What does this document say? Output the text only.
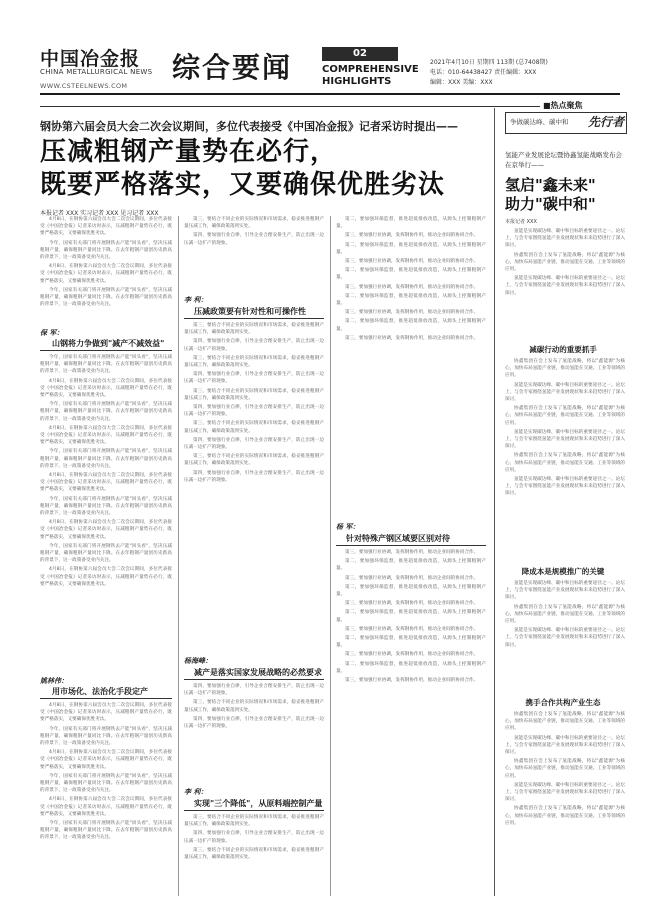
中国冶金报
CHINA METALLURGICAL NEWS
WWW.CSTEELNEWS.COM
综合要闻	02
COMPREHENSIVE
HIGHLIGHTS
2021年4月10日 星期四 113期 (总7408期)
电话：010-64438427 责任编辑：XXX
编辑：XXX 美编：XXX
■热点聚焦
钢协第六届会员大会二次会议期间，多位代表接受《中国冶金报》记者采访时提出——
压减粗钢产量势在必行，
既要严格落实，又要确保优胜劣汰
本报记者 XXX 实习记者 XXX 见习记者 XXX

4月8日，在钢协第六届会员大会二次会议期间，多位代表接受《中国冶金报》记者采访时表示，压减粗钢产量势在必行，既要严格落实，又要确保优胜劣汰。

今年，国家有关部门将开展钢铁去产能"回头看"，坚决压减粗钢产量，确保粗钢产量同比下降。在去年粗钢产量创历史新高的背景下，这一政策备受业内关注。

4月8日，在钢协第六届会员大会二次会议期间，多位代表接受《中国冶金报》记者采访时表示，压减粗钢产量势在必行，既要严格落实，又要确保优胜劣汰。

今年，国家有关部门将开展钢铁去产能"回头看"，坚决压减粗钢产量，确保粗钢产量同比下降。在去年粗钢产量创历史新高的背景下，这一政策备受业内关注。

保 军：
山钢将力争做到"减产不减效益"

今年，国家有关部门将开展钢铁去产能"回头看"，坚决压减粗钢产量，确保粗钢产量同比下降。在去年粗钢产量创历史新高的背景下，这一政策备受业内关注。

4月8日，在钢协第六届会员大会二次会议期间，多位代表接受《中国冶金报》记者采访时表示，压减粗钢产量势在必行，既要严格落实，又要确保优胜劣汰。

今年，国家有关部门将开展钢铁去产能"回头看"，坚决压减粗钢产量，确保粗钢产量同比下降。在去年粗钢产量创历史新高的背景下，这一政策备受业内关注。

4月8日，在钢协第六届会员大会二次会议期间，多位代表接受《中国冶金报》记者采访时表示，压减粗钢产量势在必行，既要严格落实，又要确保优胜劣汰。

今年，国家有关部门将开展钢铁去产能"回头看"，坚决压减粗钢产量，确保粗钢产量同比下降。在去年粗钢产量创历史新高的背景下，这一政策备受业内关注。

4月8日，在钢协第六届会员大会二次会议期间，多位代表接受《中国冶金报》记者采访时表示，压减粗钢产量势在必行，既要严格落实，又要确保优胜劣汰。

今年，国家有关部门将开展钢铁去产能"回头看"，坚决压减粗钢产量，确保粗钢产量同比下降。在去年粗钢产量创历史新高的背景下，这一政策备受业内关注。

4月8日，在钢协第六届会员大会二次会议期间，多位代表接受《中国冶金报》记者采访时表示，压减粗钢产量势在必行，既要严格落实，又要确保优胜劣汰。

今年，国家有关部门将开展钢铁去产能"回头看"，坚决压减粗钢产量，确保粗钢产量同比下降。在去年粗钢产量创历史新高的背景下，这一政策备受业内关注。

4月8日，在钢协第六届会员大会二次会议期间，多位代表接受《中国冶金报》记者采访时表示，压减粗钢产量势在必行，既要严格落实，又要确保优胜劣汰。

姚林伟：
用市场化、法治化手段定产

4月8日，在钢协第六届会员大会二次会议期间，多位代表接受《中国冶金报》记者采访时表示，压减粗钢产量势在必行，既要严格落实，又要确保优胜劣汰。

今年，国家有关部门将开展钢铁去产能"回头看"，坚决压减粗钢产量，确保粗钢产量同比下降。在去年粗钢产量创历史新高的背景下，这一政策备受业内关注。

4月8日，在钢协第六届会员大会二次会议期间，多位代表接受《中国冶金报》记者采访时表示，压减粗钢产量势在必行，既要严格落实，又要确保优胜劣汰。

今年，国家有关部门将开展钢铁去产能"回头看"，坚决压减粗钢产量，确保粗钢产量同比下降。在去年粗钢产量创历史新高的背景下，这一政策备受业内关注。

4月8日，在钢协第六届会员大会二次会议期间，多位代表接受《中国冶金报》记者采访时表示，压减粗钢产量势在必行，既要严格落实，又要确保优胜劣汰。

今年，国家有关部门将开展钢铁去产能"回头看"，坚决压减粗钢产量，确保粗钢产量同比下降。在去年粗钢产量创历史新高的背景下，这一政策备受业内关注。

第三，要结合不同企业的实际情况和市场需求，稳妥推进粗钢产量压减工作，确保政策落到实处。

第四，要加强行业自律，引导企业合理安排生产，防止出现一边压减一边扩产的现象。

李 利：
压减政策要有针对性和可操作性

第三，要结合不同企业的实际情况和市场需求，稳妥推进粗钢产量压减工作，确保政策落到实处。

第四，要加强行业自律，引导企业合理安排生产，防止出现一边压减一边扩产的现象。

第三，要结合不同企业的实际情况和市场需求，稳妥推进粗钢产量压减工作，确保政策落到实处。

第四，要加强行业自律，引导企业合理安排生产，防止出现一边压减一边扩产的现象。

第三，要结合不同企业的实际情况和市场需求，稳妥推进粗钢产量压减工作，确保政策落到实处。

第四，要加强行业自律，引导企业合理安排生产，防止出现一边压减一边扩产的现象。

第三，要结合不同企业的实际情况和市场需求，稳妥推进粗钢产量压减工作，确保政策落到实处。

第四，要加强行业自律，引导企业合理安排生产，防止出现一边压减一边扩产的现象。

第三，要结合不同企业的实际情况和市场需求，稳妥推进粗钢产量压减工作，确保政策落到实处。

第四，要加强行业自律，引导企业合理安排生产，防止出现一边压减一边扩产的现象。

杨海峰：
减产是落实国家发展战略的必然要求

第四，要加强行业自律，引导企业合理安排生产，防止出现一边压减一边扩产的现象。

第三，要结合不同企业的实际情况和市场需求，稳妥推进粗钢产量压减工作，确保政策落到实处。

第四，要加强行业自律，引导企业合理安排生产，防止出现一边压减一边扩产的现象。

李 利：
实现"三个降低"，从原料端控制产量

第三，要结合不同企业的实际情况和市场需求，稳妥推进粗钢产量压减工作，确保政策落到实处。

第四，要加强行业自律，引导企业合理安排生产，防止出现一边压减一边扩产的现象。

第三，要结合不同企业的实际情况和市场需求，稳妥推进粗钢产量压减工作，确保政策落到实处。

第二，要加强环保监督，推进超低排放改造，从源头上控制粗钢产量。

第三，要加强行业协调，发挥钢协作用，推动企业间的协同合作。

第二，要加强环保监督，推进超低排放改造，从源头上控制粗钢产量。

第三，要加强行业协调，发挥钢协作用，推动企业间的协同合作。

第二，要加强环保监督，推进超低排放改造，从源头上控制粗钢产量。

第三，要加强行业协调，发挥钢协作用，推动企业间的协同合作。

第二，要加强环保监督，推进超低排放改造，从源头上控制粗钢产量。

第三，要加强行业协调，发挥钢协作用，推动企业间的协同合作。

第二，要加强环保监督，推进超低排放改造，从源头上控制粗钢产量。

第三，要加强行业协调，发挥钢协作用，推动企业间的协同合作。

杨 军：
针对特殊产钢区域要区别对待

第三，要加强行业协调，发挥钢协作用，推动企业间的协同合作。

第二，要加强环保监督，推进超低排放改造，从源头上控制粗钢产量。

第三，要加强行业协调，发挥钢协作用，推动企业间的协同合作。

第二，要加强环保监督，推进超低排放改造，从源头上控制粗钢产量。

第三，要加强行业协调，发挥钢协作用，推动企业间的协同合作。

第二，要加强环保监督，推进超低排放改造，从源头上控制粗钢产量。

第三，要加强行业协调，发挥钢协作用，推动企业间的协同合作。

第二，要加强环保监督，推进超低排放改造，从源头上控制粗钢产量。

第三，要加强行业协调，发挥钢协作用，推动企业间的协同合作。

第二，要加强环保监督，推进超低排放改造，从源头上控制粗钢产量。

第三，要加强行业协调，发挥钢协作用，推动企业间的协同合作。

争做碳达峰、碳中和 先行者
氢能产业发展论坛暨协鑫氢能战略发布会在京举行——
氢启"鑫未来"
助力"碳中和"
本报记者 XXX

氢能是实现碳达峰、碳中和目标的重要途径之一。论坛上，与会专家围绕氢能产业发展现状和未来趋势进行了深入探讨。

协鑫集团在会上发布了氢能战略，将以"鑫能源"为核心，加快布局氢能产业链，推动氢能在交通、工业等领域的应用。

氢能是实现碳达峰、碳中和目标的重要途径之一。论坛上，与会专家围绕氢能产业发展现状和未来趋势进行了深入探讨。

减碳行动的重要抓手

协鑫集团在会上发布了氢能战略，将以"鑫能源"为核心，加快布局氢能产业链，推动氢能在交通、工业等领域的应用。

氢能是实现碳达峰、碳中和目标的重要途径之一。论坛上，与会专家围绕氢能产业发展现状和未来趋势进行了深入探讨。

协鑫集团在会上发布了氢能战略，将以"鑫能源"为核心，加快布局氢能产业链，推动氢能在交通、工业等领域的应用。

氢能是实现碳达峰、碳中和目标的重要途径之一。论坛上，与会专家围绕氢能产业发展现状和未来趋势进行了深入探讨。

协鑫集团在会上发布了氢能战略，将以"鑫能源"为核心，加快布局氢能产业链，推动氢能在交通、工业等领域的应用。

氢能是实现碳达峰、碳中和目标的重要途径之一。论坛上，与会专家围绕氢能产业发展现状和未来趋势进行了深入探讨。

降成本是规模推广的关键

氢能是实现碳达峰、碳中和目标的重要途径之一。论坛上，与会专家围绕氢能产业发展现状和未来趋势进行了深入探讨。

协鑫集团在会上发布了氢能战略，将以"鑫能源"为核心，加快布局氢能产业链，推动氢能在交通、工业等领域的应用。

氢能是实现碳达峰、碳中和目标的重要途径之一。论坛上，与会专家围绕氢能产业发展现状和未来趋势进行了深入探讨。

携手合作共构产业生态

协鑫集团在会上发布了氢能战略，将以"鑫能源"为核心，加快布局氢能产业链，推动氢能在交通、工业等领域的应用。

氢能是实现碳达峰、碳中和目标的重要途径之一。论坛上，与会专家围绕氢能产业发展现状和未来趋势进行了深入探讨。

协鑫集团在会上发布了氢能战略，将以"鑫能源"为核心，加快布局氢能产业链，推动氢能在交通、工业等领域的应用。

氢能是实现碳达峰、碳中和目标的重要途径之一。论坛上，与会专家围绕氢能产业发展现状和未来趋势进行了深入探讨。

协鑫集团在会上发布了氢能战略，将以"鑫能源"为核心，加快布局氢能产业链，推动氢能在交通、工业等领域的应用。
